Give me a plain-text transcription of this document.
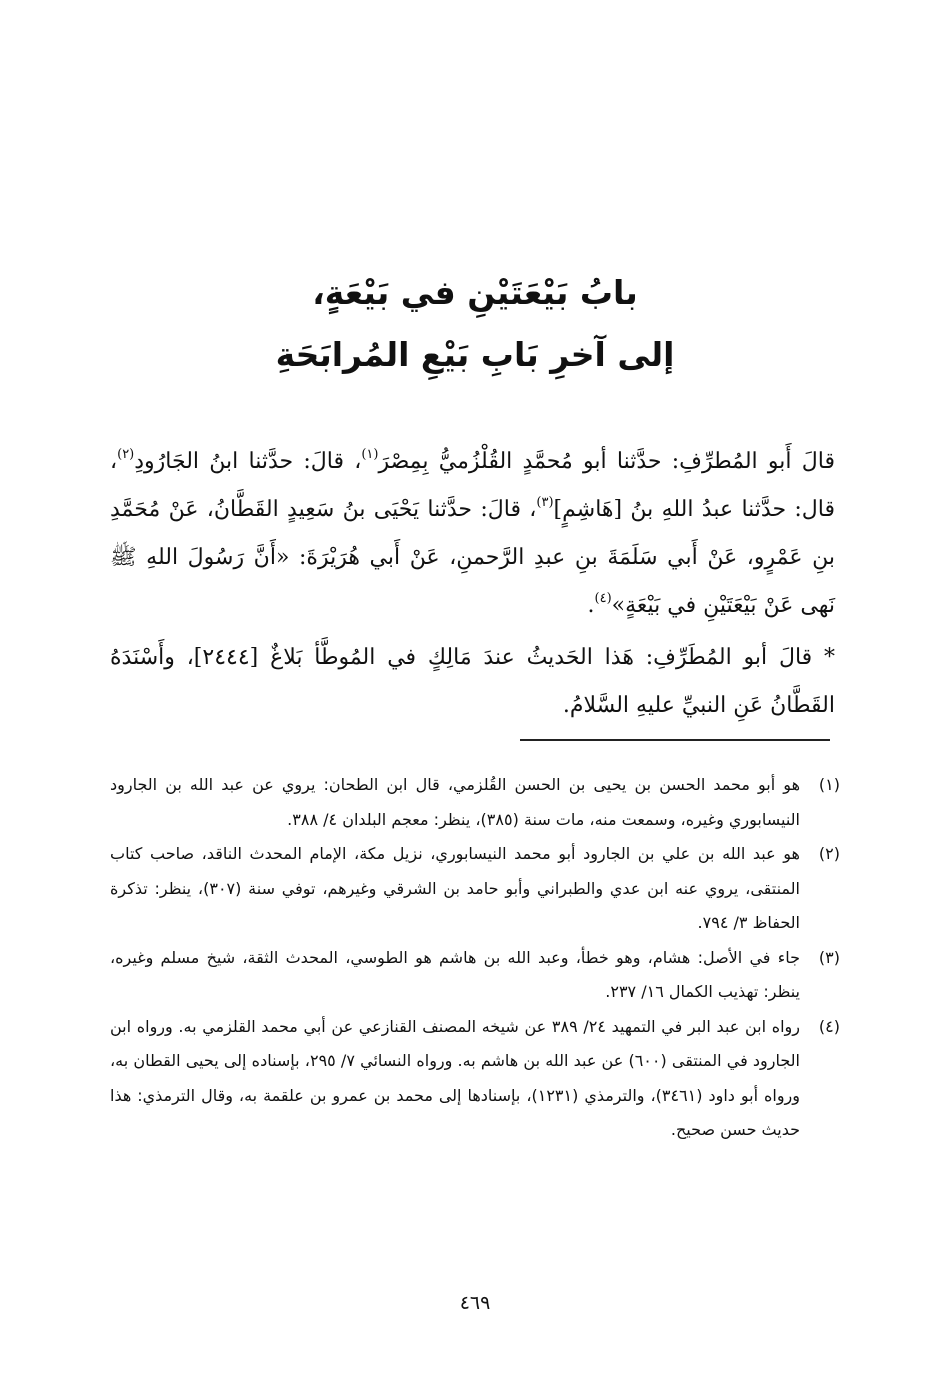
بابُ بَيْعَتَيْنِ في بَيْعَةٍ،
إلى آخرِ بَابِ بَيْعِ المُرابَحَةِ

قالَ أَبو المُطرِّفِ: حدَّثنا أبو مُحمَّدٍ القُلْزُميُّ بِمِصْرَ$^{(١)}$، قالَ: حدَّثنا ابنُ الجَارُودِ$^{(٢)}$، قال: حدَّثنا عبدُ اللهِ بنُ [هَاشِمٍ]$^{(٣)}$، قالَ: حدَّثنا يَحْيَى بنُ سَعِيدٍ القَطَّانُ، عَنْ مُحَمَّدِ بنِ عَمْرٍو، عَنْ أَبي سَلَمَةَ بنِ عبدِ الرَّحمنِ، عَنْ أَبي هُرَيْرَةَ: «أَنَّ رَسُولَ اللهِ ﷺ نَهى عَنْ بَيْعَتَيْنِ في بَيْعَةٍ»$^{(٤)}$.

* قالَ أبو المُطَرِّفِ: هَذا الحَديثُ عندَ مَالِكٍ في المُوطَّأ بَلاغٌ [٢٤٤٤]، وأَسْنَدَهُ القَطَّانُ عَنِ النبيِّ عليهِ السَّلامُ.

(١)
هو أبو محمد الحسن بن يحيى بن الحسن القُلزمي، قال ابن الطحان: يروي عن عبد الله بن الجارود النيسابوري وغيره، وسمعت منه، مات سنة (٣٨٥)، ينظر: معجم البلدان ٤/ ٣٨٨.
(٢)
هو عبد الله بن علي بن الجارود أبو محمد النيسابوري، نزيل مكة، الإمام المحدث الناقد، صاحب كتاب المنتقى، يروي عنه ابن عدي والطبراني وأبو حامد بن الشرقي وغيرهم، توفي سنة (٣٠٧)، ينظر: تذكرة الحفاظ ٣/ ٧٩٤.
(٣)
جاء في الأصل: هشام، وهو خطأ، وعبد الله بن هاشم هو الطوسي، المحدث الثقة، شيخ مسلم وغيره، ينظر: تهذيب الكمال ١٦/ ٢٣٧.
(٤)
رواه ابن عبد البر في التمهيد ٢٤/ ٣٨٩ عن شيخه المصنف القنازعي عن أبي محمد القلزمي به. ورواه ابن الجارود في المنتقى (٦٠٠) عن عبد الله بن هاشم به. ورواه النسائي ٧/ ٢٩٥، بإسناده إلى يحيى القطان به، ورواه أبو داود (٣٤٦١)، والترمذي (١٢٣١)، بإسنادها إلى محمد بن عمرو بن علقمة به، وقال الترمذي: هذا حديث حسن صحيح.
٤٦٩
